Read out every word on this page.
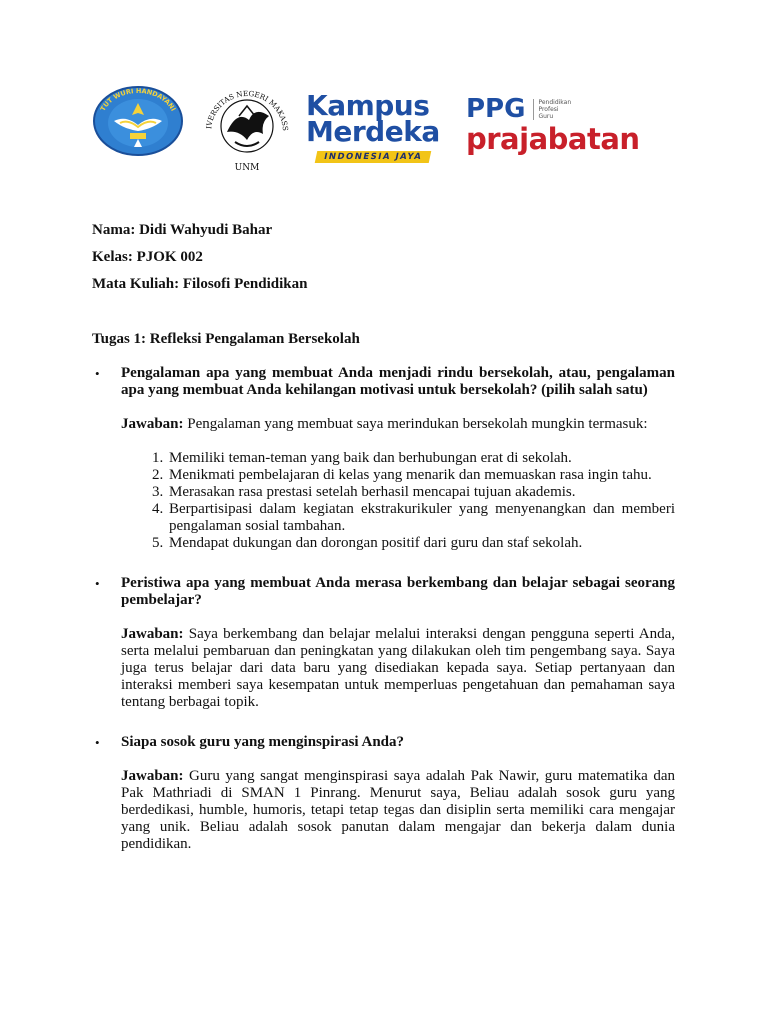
TUT WURI HANDAYANI
IVERSITAS NEGERI MAKASS
UNM
Kampus
Merdeka
INDONESIA JAYA
PPG Pendidikan
Profesi
Guru
prajabatan
Nama: Didi Wahyudi Bahar
Kelas: PJOK 002
Mata Kuliah: Filosofi Pendidikan
Tugas 1: Refleksi Pengalaman Bersekolah
• Pengalaman apa yang membuat Anda menjadi rindu bersekolah, atau, pengalaman apa yang membuat Anda kehilangan motivasi untuk bersekolah? (pilih salah satu)
Jawaban: Pengalaman yang membuat saya merindukan bersekolah mungkin termasuk:
1. Memiliki teman-teman yang baik dan berhubungan erat di sekolah.
2. Menikmati pembelajaran di kelas yang menarik dan memuaskan rasa ingin tahu.
3. Merasakan rasa prestasi setelah berhasil mencapai tujuan akademis.
4. Berpartisipasi dalam kegiatan ekstrakurikuler yang menyenangkan dan memberi pengalaman sosial tambahan.
5. Mendapat dukungan dan dorongan positif dari guru dan staf sekolah.
• Peristiwa apa yang membuat Anda merasa berkembang dan belajar sebagai seorang pembelajar?
Jawaban: Saya berkembang dan belajar melalui interaksi dengan pengguna seperti Anda, serta melalui pembaruan dan peningkatan yang dilakukan oleh tim pengembang saya. Saya juga terus belajar dari data baru yang disediakan kepada saya. Setiap pertanyaan dan interaksi memberi saya kesempatan untuk memperluas pengetahuan dan pemahaman saya tentang berbagai topik.
• Siapa sosok guru yang menginspirasi Anda?
Jawaban: Guru yang sangat menginspirasi saya adalah Pak Nawir, guru matematika dan Pak Mathriadi di SMAN 1 Pinrang. Menurut saya, Beliau adalah sosok guru yang berdedikasi, humble, humoris, tetapi tetap tegas dan disiplin serta memiliki cara mengajar yang unik. Beliau adalah sosok panutan dalam mengajar dan bekerja dalam dunia pendidikan.
